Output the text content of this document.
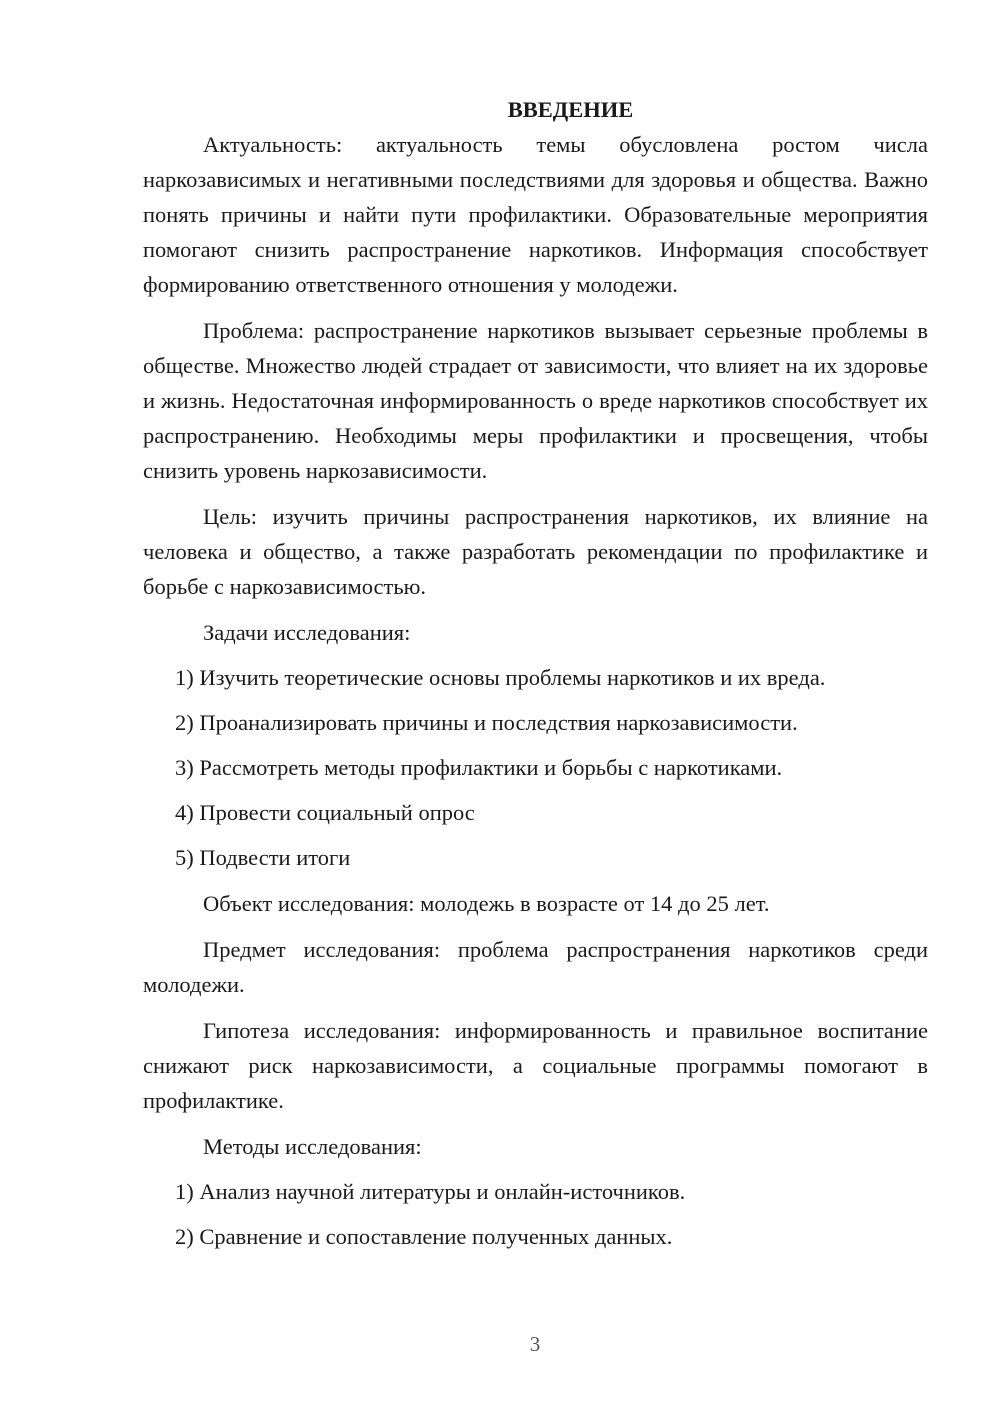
ВВЕДЕНИЕ

Актуальность: актуальность темы обусловлена ростом числа наркозависимых и негативными последствиями для здоровья и общества. Важно понять причины и найти пути профилактики. Образовательные мероприятия помогают снизить распространение наркотиков. Информация способствует формированию ответственного отношения у молодежи.

Проблема: распространение наркотиков вызывает серьезные проблемы в обществе. Множество людей страдает от зависимости, что влияет на их здоровье и жизнь. Недостаточная информированность о вреде наркотиков способствует их распространению. Необходимы меры профилактики и просвещения, чтобы снизить уровень наркозависимости.

Цель: изучить причины распространения наркотиков, их влияние на человека и общество, а также разработать рекомендации по профилактике и борьбе с наркозависимостью.

Задачи исследования:
1) Изучить теоретические основы проблемы наркотиков и их вреда.
2) Проанализировать причины и последствия наркозависимости.
3) Рассмотреть методы профилактики и борьбы с наркотиками.
4) Провести социальный опрос
5) Подвести итоги

Объект исследования: молодежь в возрасте от 14 до 25 лет.

Предмет исследования: проблема распространения наркотиков среди молодежи.

Гипотеза исследования: информированность и правильное воспитание снижают риск наркозависимости, а социальные программы помогают в профилактике.

Методы исследования:
1) Анализ научной литературы и онлайн-источников.
2) Сравнение и сопоставление полученных данных.
3
